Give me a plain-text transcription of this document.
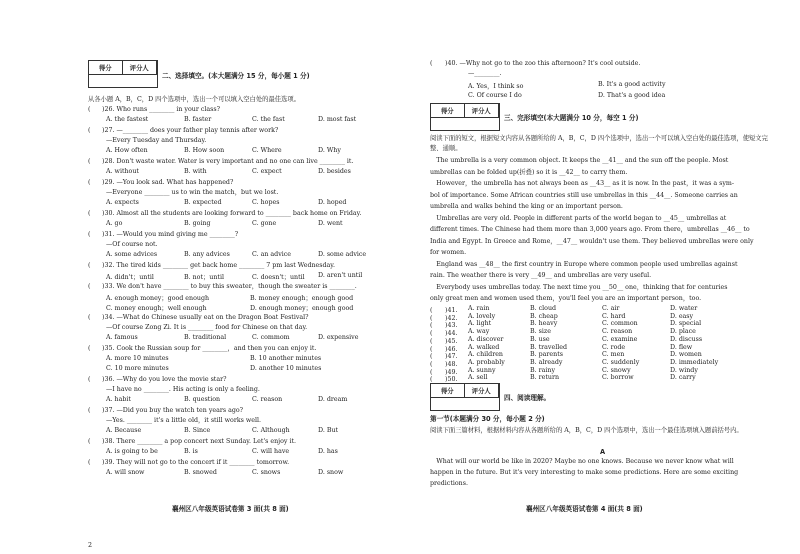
得分	评分人
二、选择填空。(本大题满分 15 分，每小题 1 分)
从各小题 A，B，C，D 四个选项中，选出一个可以填入空白处的最佳选项。
( )26. Who runs ________ in your class?
A. the fastest	B. faster	C. the fast	D. most fast
( )27. —________ does your father play tennis after work?
—Every Tuesday and Thursday.
A. How often	B. How soon	C. Where	D. Why
( )28. Don't waste water. Water is very important and no one can live ________ it.
A. without	B. with	C. expect	D. besides
( )29. —You look sad. What has happened?
—Everyone ________ us to win the match，but we lost.
A. expects	B. expected	C. hopes	D. hoped
( )30. Almost all the students are looking forward to ________ back home on Friday.
A. go	B. going	C. gone	D. went
( )31. —Would you mind giving me ________?
—Of course not.
A. some advices	B. any advices	C. an advice	D. some advice
( )32. The tired kids ________ get back home ________ 7 pm last Wednesday.
A. didn't；until	B. not；until	C. doesn't；until D. aren't until
( )33. We don't have ________ to buy this sweater，though the sweater is ________.
A. enough money；good enough	B. money enough；enough good
C. money enough；well enough	D. enough money；enough good
( )34. —What do Chinese usually eat on the Dragon Boat Festival?
—Of course Zong Zi. It is ________ food for Chinese on that day.
A. famous	B. traditional	C. commom	D. expensive
( )35. Cook the Russian soup for ________，and then you can enjoy it.
A. more 10 minutes	B. 10 another minutes
C. 10 more minutes	D. another 10 minutes
( )36. —Why do you love the movie star?
—I have no ________. His acting is only a feeling.
A. habit	B. question	C. reason	D. dream
( )37. —Did you buy the watch ten years ago?
—Yes. ________ it's a little old，it still works well.
A. Because	B. Since	C. Although	D. But
( )38. There ________ a pop concert next Sunday. Let's enjoy it.
A. is going to be	B. is	C. will have	D. has
( )39. They will not go to the concert if it ________ tomorrow.
A. will snow	B. snowed	C. snows	D. snow
襄州区八年级英语试卷第 3 面(共 8 面)
2
(　　)40. —Why not go to the zoo this afternoon? It's cool outside.
—________.
A. Yes，I think so	B. It's a good activity
C. Of course I do	D. That's a good idea
得分	评分人
三、完形填空(本大题满分 10 分，每空 1 分)
阅读下面的短文，根据短文内容从各题所给的 A，B，C，D 四个选项中，选出一个可以填入空白处的最佳选项，使短文完整、通顺。
　The umbrella is a very common object. It keeps the __41__ and the sun off the people. Most
umbrellas can be folded up(折叠) so it is __42__ to carry them.
　However，the umbrella has not always been as __43__ as it is now. In the past，it was a sym-
bol of importance. Some African countries still use umbrellas in this __44__. Someone carries an
umbrella and walks behind the king or an important person.
　Umbrellas are very old. People in different parts of the world began to __45__ umbrellas at
different times. The Chinese had them more than 3,000 years ago. From there，umbrellas __46__ to
India and Egypt. In Greece and Rome，__47__ wouldn't use them. They believed umbrellas were only
for women.
　England was __48__ the first country in Europe where common people used umbrellas against
rain. The weather there is very __49__ and umbrellas are very useful.
　Everybody uses umbrellas today. The next time you __50__ one，thinking that for centuries
only great men and women used them，you'll feel you are an important person，too.
(　　)41. A. rain	B. cloud	C. air	D. water
(　　)42. A. lovely	B. cheap	C. hard	D. easy
(　　)43. A. light	B. heavy	C. common	D. special
(　　)44. A. way	B. size	C. reason	D. place
(　　)45. A. discover	B. use	C. examine	D. discuss
(　　)46. A. walked	B. travelled	C. rode	D. flew
(　　)47. A. children	B. parents	C. men	D. women
(　　)48. A. probably	B. already	C. suddenly	D. immediately
(　　)49. A. sunny	B. rainy	C. snowy	D. windy
(　　)50. A. sell	B. return	C. borrow	D. carry
得分	评分人
四、阅读理解。
第一节(本题满分 30 分，每小题 2 分)
阅读下面三篇材料，根据材料内容从各题所给的 A，B，C，D 四个选项中，选出一个最佳选项填入题前括号内。
A
　What will our world be like in 2020? Maybe no one knows. Because we never know what will
happen in the future. But it's very interesting to make some predictions. Here are some exciting
predictions.
襄州区八年级英语试卷第 4 面(共 8 面)
